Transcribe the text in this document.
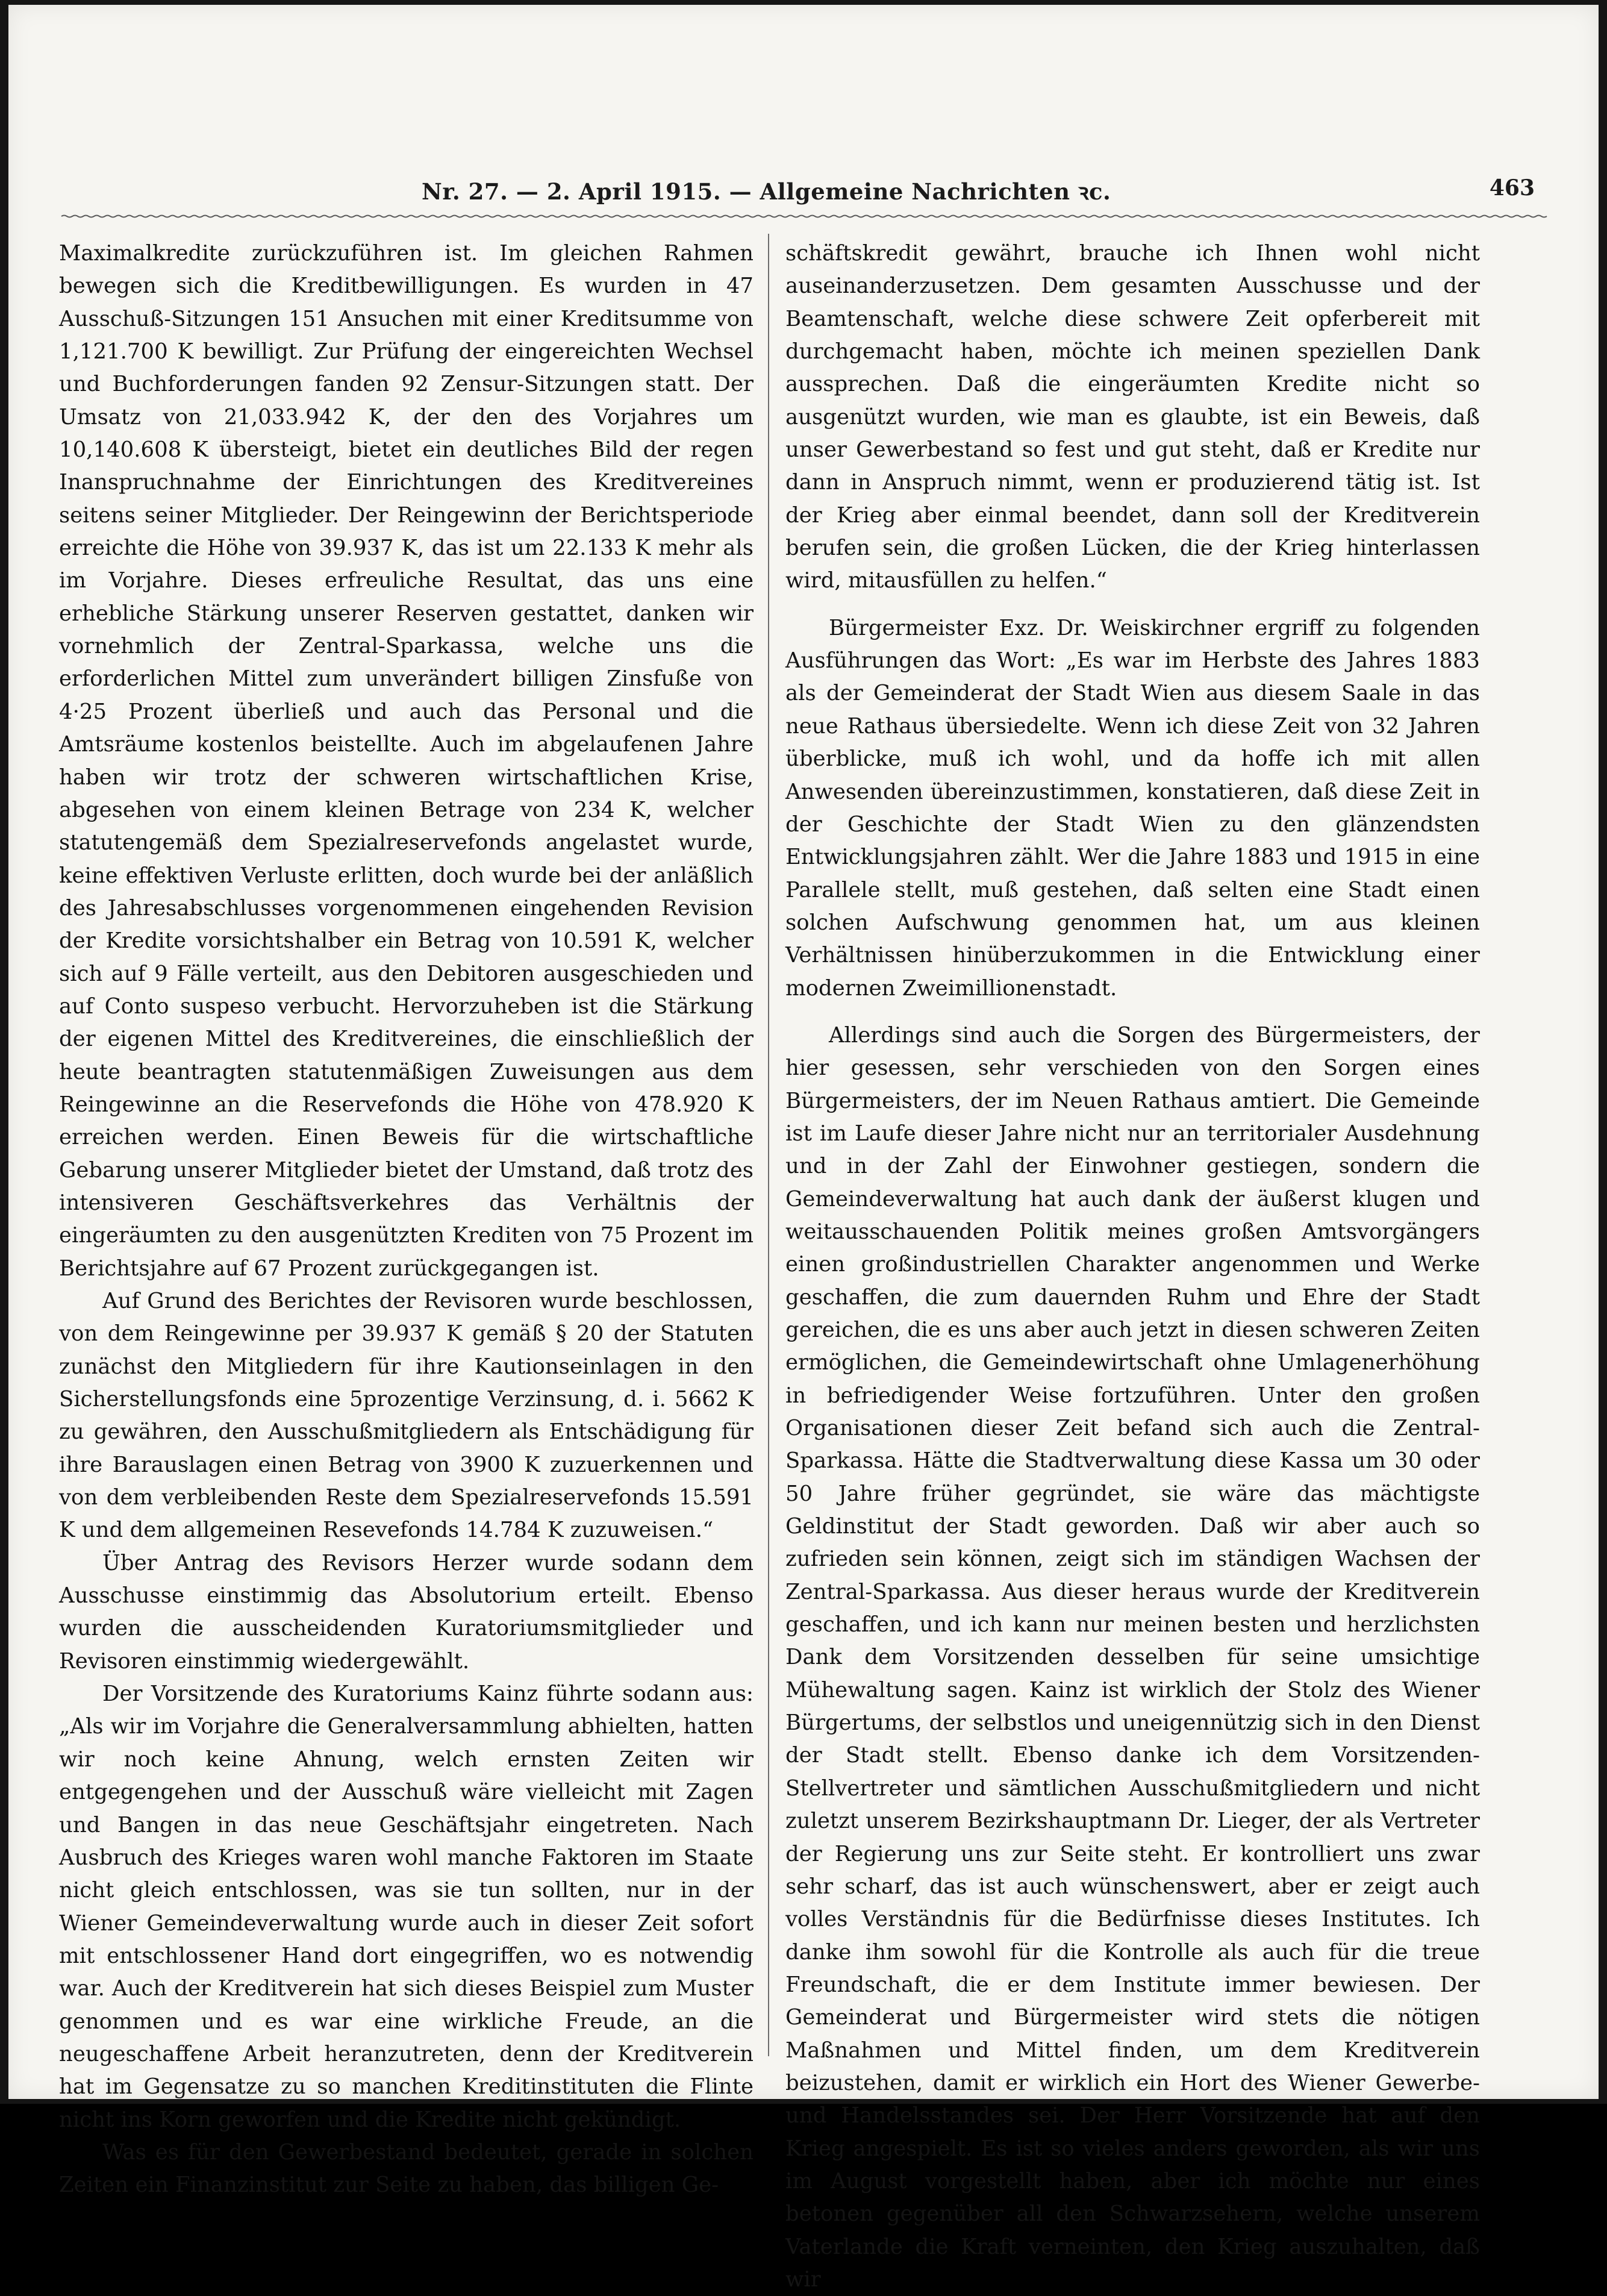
Nr. 27. — 2. April 1915. — Allgemeine Nachrichten ꝛc.	463

Maximalkredite zurückzuführen ist. Im gleichen Rahmen bewegen sich die Kreditbewilligungen. Es wurden in 47 Ausschuß-Sitzungen 151 Ansuchen mit einer Kreditsumme von 1,121.700 K bewilligt. Zur Prüfung der eingereichten Wechsel und Buchforderungen fanden 92 Zensur-Sitzungen statt. Der Umsatz von 21,033.942 K, der den des Vorjahres um 10,140.608 K übersteigt, bietet ein deutliches Bild der regen Inanspruchnahme der Einrichtungen des Kreditvereines seitens seiner Mitglieder. Der Reingewinn der Berichtsperiode erreichte die Höhe von 39.937 K, das ist um 22.133 K mehr als im Vorjahre. Dieses erfreuliche Resultat, das uns eine erhebliche Stärkung unserer Reserven gestattet, danken wir vornehmlich der Zentral-Sparkassa, welche uns die erforderlichen Mittel zum unverändert billigen Zinsfuße von 4·25 Prozent überließ und auch das Personal und die Amtsräume kostenlos beistellte. Auch im abgelaufenen Jahre haben wir trotz der schweren wirtschaftlichen Krise, abgesehen von einem kleinen Betrage von 234 K, welcher statutengemäß dem Spezialreservefonds angelastet wurde, keine effektiven Verluste erlitten, doch wurde bei der anläßlich des Jahresabschlusses vorgenommenen eingehenden Revision der Kredite vorsichtshalber ein Betrag von 10.591 K, welcher sich auf 9 Fälle verteilt, aus den Debitoren ausgeschieden und auf Conto suspeso verbucht. Hervorzuheben ist die Stärkung der eigenen Mittel des Kreditvereines, die einschließlich der heute beantragten statutenmäßigen Zuweisungen aus dem Reingewinne an die Reservefonds die Höhe von 478.920 K erreichen werden. Einen Beweis für die wirtschaftliche Gebarung unserer Mitglieder bietet der Umstand, daß trotz des intensiveren Geschäftsverkehres das Verhältnis der eingeräumten zu den ausgenützten Krediten von 75 Prozent im Berichtsjahre auf 67 Prozent zurückgegangen ist.

Auf Grund des Berichtes der Revisoren wurde beschlossen, von dem Reingewinne per 39.937 K gemäß § 20 der Statuten zunächst den Mitgliedern für ihre Kautionseinlagen in den Sicherstellungsfonds eine 5prozentige Verzinsung, d. i. 5662 K zu gewähren, den Ausschußmitgliedern als Entschädigung für ihre Barauslagen einen Betrag von 3900 K zuzuerkennen und von dem verbleibenden Reste dem Spezialreservefonds 15.591 K und dem allgemeinen Resevefonds 14.784 K zuzuweisen.“

Über Antrag des Revisors Herzer wurde sodann dem Ausschusse einstimmig das Absolutorium erteilt. Ebenso wurden die ausscheidenden Kuratoriumsmitglieder und Revisoren einstimmig wiedergewählt.

Der Vorsitzende des Kuratoriums Kainz führte sodann aus: „Als wir im Vorjahre die Generalversammlung abhielten, hatten wir noch keine Ahnung, welch ernsten Zeiten wir entgegengehen und der Ausschuß wäre vielleicht mit Zagen und Bangen in das neue Geschäftsjahr eingetreten. Nach Ausbruch des Krieges waren wohl manche Faktoren im Staate nicht gleich entschlossen, was sie tun sollten, nur in der Wiener Gemeindeverwaltung wurde auch in dieser Zeit sofort mit entschlossener Hand dort eingegriffen, wo es notwendig war. Auch der Kreditverein hat sich dieses Beispiel zum Muster genommen und es war eine wirkliche Freude, an die neugeschaffene Arbeit heranzutreten, denn der Kreditverein hat im Gegensatze zu so manchen Kreditinstituten die Flinte nicht ins Korn geworfen und die Kredite nicht gekündigt.

Was es für den Gewerbestand bedeutet, gerade in solchen Zeiten ein Finanzinstitut zur Seite zu haben, das billigen Ge-

schäftskredit gewährt, brauche ich Ihnen wohl nicht auseinanderzusetzen. Dem gesamten Ausschusse und der Beamtenschaft, welche diese schwere Zeit opferbereit mit durchgemacht haben, möchte ich meinen speziellen Dank aussprechen. Daß die eingeräumten Kredite nicht so ausgenützt wurden, wie man es glaubte, ist ein Beweis, daß unser Gewerbestand so fest und gut steht, daß er Kredite nur dann in Anspruch nimmt, wenn er produzierend tätig ist. Ist der Krieg aber einmal beendet, dann soll der Kreditverein berufen sein, die großen Lücken, die der Krieg hinterlassen wird, mitausfüllen zu helfen.“

Bürgermeister Exz. Dr. Weiskirchner ergriff zu folgenden Ausführungen das Wort: „Es war im Herbste des Jahres 1883 als der Gemeinderat der Stadt Wien aus diesem Saale in das neue Rathaus übersiedelte. Wenn ich diese Zeit von 32 Jahren überblicke, muß ich wohl, und da hoffe ich mit allen Anwesenden übereinzustimmen, konstatieren, daß diese Zeit in der Geschichte der Stadt Wien zu den glänzendsten Entwicklungsjahren zählt. Wer die Jahre 1883 und 1915 in eine Parallele stellt, muß gestehen, daß selten eine Stadt einen solchen Aufschwung genommen hat, um aus kleinen Verhältnissen hinüberzukommen in die Entwicklung einer modernen Zweimillionenstadt.

Allerdings sind auch die Sorgen des Bürgermeisters, der hier gesessen, sehr verschieden von den Sorgen eines Bürgermeisters, der im Neuen Rathaus amtiert. Die Gemeinde ist im Laufe dieser Jahre nicht nur an territorialer Ausdehnung und in der Zahl der Einwohner gestiegen, sondern die Gemeindeverwaltung hat auch dank der äußerst klugen und weitausschauenden Politik meines großen Amtsvorgängers einen großindustriellen Charakter angenommen und Werke geschaffen, die zum dauernden Ruhm und Ehre der Stadt gereichen, die es uns aber auch jetzt in diesen schweren Zeiten ermöglichen, die Gemeindewirtschaft ohne Umlagenerhöhung in befriedigender Weise fortzuführen. Unter den großen Organisationen dieser Zeit befand sich auch die Zentral-Sparkassa. Hätte die Stadtverwaltung diese Kassa um 30 oder 50 Jahre früher gegründet, sie wäre das mächtigste Geldinstitut der Stadt geworden. Daß wir aber auch so zufrieden sein können, zeigt sich im ständigen Wachsen der Zentral-Sparkassa. Aus dieser heraus wurde der Kreditverein geschaffen, und ich kann nur meinen besten und herzlichsten Dank dem Vorsitzenden desselben für seine umsichtige Mühewaltung sagen. Kainz ist wirklich der Stolz des Wiener Bürgertums, der selbstlos und uneigennützig sich in den Dienst der Stadt stellt. Ebenso danke ich dem Vorsitzenden-Stellvertreter und sämtlichen Ausschußmitgliedern und nicht zuletzt unserem Bezirkshauptmann Dr. Lieger, der als Vertreter der Regierung uns zur Seite steht. Er kontrolliert uns zwar sehr scharf, das ist auch wünschenswert, aber er zeigt auch volles Verständnis für die Bedürfnisse dieses Institutes. Ich danke ihm sowohl für die Kontrolle als auch für die treue Freundschaft, die er dem Institute immer bewiesen. Der Gemeinderat und Bürgermeister wird stets die nötigen Maßnahmen und Mittel finden, um dem Kreditverein beizustehen, damit er wirklich ein Hort des Wiener Gewerbe- und Handelsstandes sei. Der Herr Vorsitzende hat auf den Krieg angespielt. Es ist so vieles anders geworden, als wir uns im August vorgestellt haben, aber ich möchte nur eines betonen gegenüber all den Schwarzsehern, welche unserem Vaterlande die Kraft verneinten, den Krieg auszuhalten, daß wir
